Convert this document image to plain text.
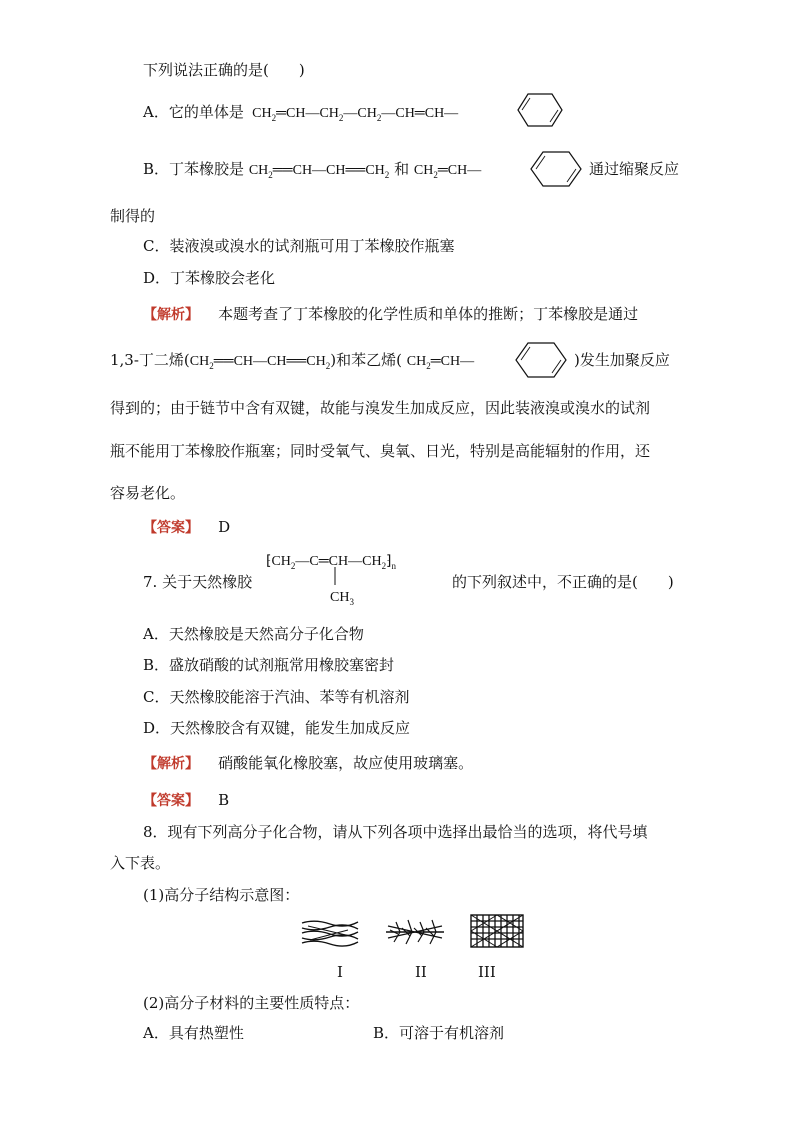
下列说法正确的是(　　)
A．它的单体是  $CH_2═CH—CH_2—CH_2—CH═CH—$
B．丁苯橡胶是 $CH_2══CH—CH══CH_2$ 和 $CH_2═CH—$	通过缩聚反应
制得的
C．装液溴或溴水的试剂瓶可用丁苯橡胶作瓶塞
D．丁苯橡胶会老化
【解析】 本题考查了丁苯橡胶的化学性质和单体的推断；丁苯橡胶是通过
1,3-丁二烯$(CH_2══CH—CH══CH_2)$和苯乙烯( $CH_2═CH—$	)发生加聚反应
得到的；由于链节中含有双键，故能与溴发生加成反应，因此装液溴或溴水的试剂
瓶不能用丁苯橡胶作瓶塞；同时受氧气、臭氧、日光，特别是高能辐射的作用，还
容易老化。
【答案】 D
7. 关于天然橡胶
$⁅CH_2—C═CH—CH_2⁆_n$
$CH_3$
的下列叙述中，不正确的是(　　)
A．天然橡胶是天然高分子化合物
B．盛放硝酸的试剂瓶常用橡胶塞密封
C．天然橡胶能溶于汽油、苯等有机溶剂
D．天然橡胶含有双键，能发生加成反应
【解析】 硝酸能氧化橡胶塞，故应使用玻璃塞。
【答案】 B
8．现有下列高分子化合物，请从下列各项中选择出最恰当的选项，将代号填
入下表。
(1)高分子结构示意图：
I	II	III
(2)高分子材料的主要性质特点：
A．具有热塑性	B．可溶于有机溶剂
